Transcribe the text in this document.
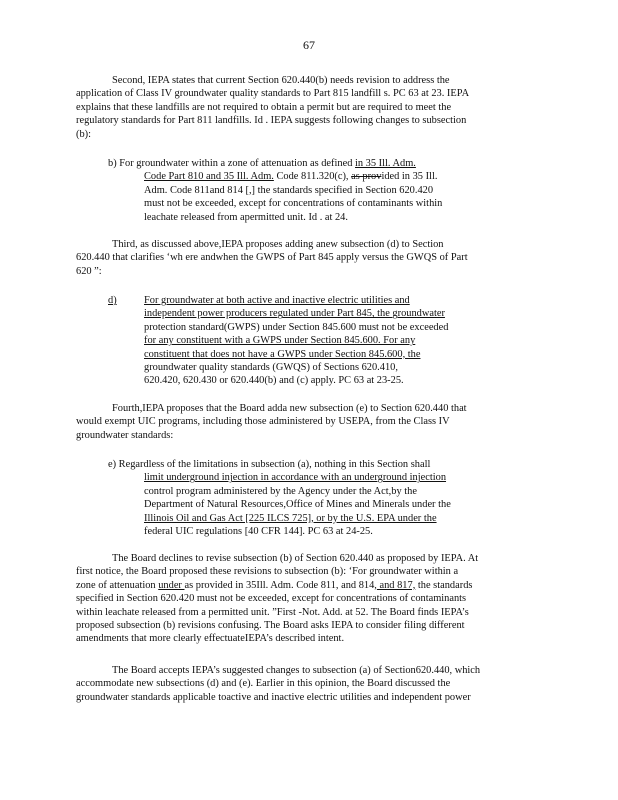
67
Second, IEPA states that current Section 620.440(b) needs revision to address the
application of Class IV groundwater quality standards to Part 815 landfill s. PC 63 at 23. IEPA
explains that these landfills are not required to obtain a permit but are required to meet the
regulatory standards for Part 811 landfills. Id . IEPA suggests following changes to subsection
(b):
b) For groundwater within a zone of attenuation as defined in 35 Ill. Adm.
Code Part 810 and 35 Ill. Adm. Code 811.320(c), as provided in 35 Ill.
Adm. Code 811and 814 [,] the standards specified in Section 620.420
must not be exceeded, except for concentrations of contaminants within
leachate released from apermitted unit. Id . at 24.
Third, as discussed above,IEPA proposes adding anew subsection (d) to Section
620.440 that clarifies ‘wh ere andwhen the GWPS of Part 845 apply versus the GWQS of Part
620 ”:
d)	For groundwater at both active and inactive electric utilities and
independent power producers regulated under Part 845, the groundwater
protection standard(GWPS) under Section 845.600 must not be exceeded
for any constituent with a GWPS under Section 845.600. For any
constituent that does not have a GWPS under Section 845.600, the
groundwater quality standards (GWQS) of Sections 620.410,
620.420, 620.430 or 620.440(b) and (c) apply. PC 63 at 23-25.
Fourth,IEPA proposes that the Board adda new subsection (e) to Section 620.440 that
would exempt UIC programs, including those administered by USEPA, from the Class IV
groundwater standards:
e) Regardless of the limitations in subsection (a), nothing in this Section shall
limit underground injection in accordance with an underground injection
control program administered by the Agency under the Act,by the
Department of Natural Resources,Office of Mines and Minerals under the
Illinois Oil and Gas Act [225 ILCS 725], or by the U.S. EPA under the
federal UIC regulations [40 CFR 144]. PC 63 at 24-25.
The Board declines to revise subsection (b) of Section 620.440 as proposed by IEPA. At
first notice, the Board proposed these revisions to subsection (b): ‘For groundwater within a
zone of attenuation under as provided in 35Ill. Adm. Code 811, and 814, and 817, the standards
specified in Section 620.420 must not be exceeded, except for concentrations of contaminants
within leachate released from a permitted unit. ”First -Not. Add. at 52. The Board finds IEPA’s
proposed subsection (b) revisions confusing. The Board asks IEPA to consider filing different
amendments that more clearly effectuateIEPA’s described intent.
The Board accepts IEPA’s suggested changes to subsection (a) of Section620.440, which
accommodate new subsections (d) and (e). Earlier in this opinion, the Board discussed the
groundwater standards applicable toactive and inactive electric utilities and independent power
